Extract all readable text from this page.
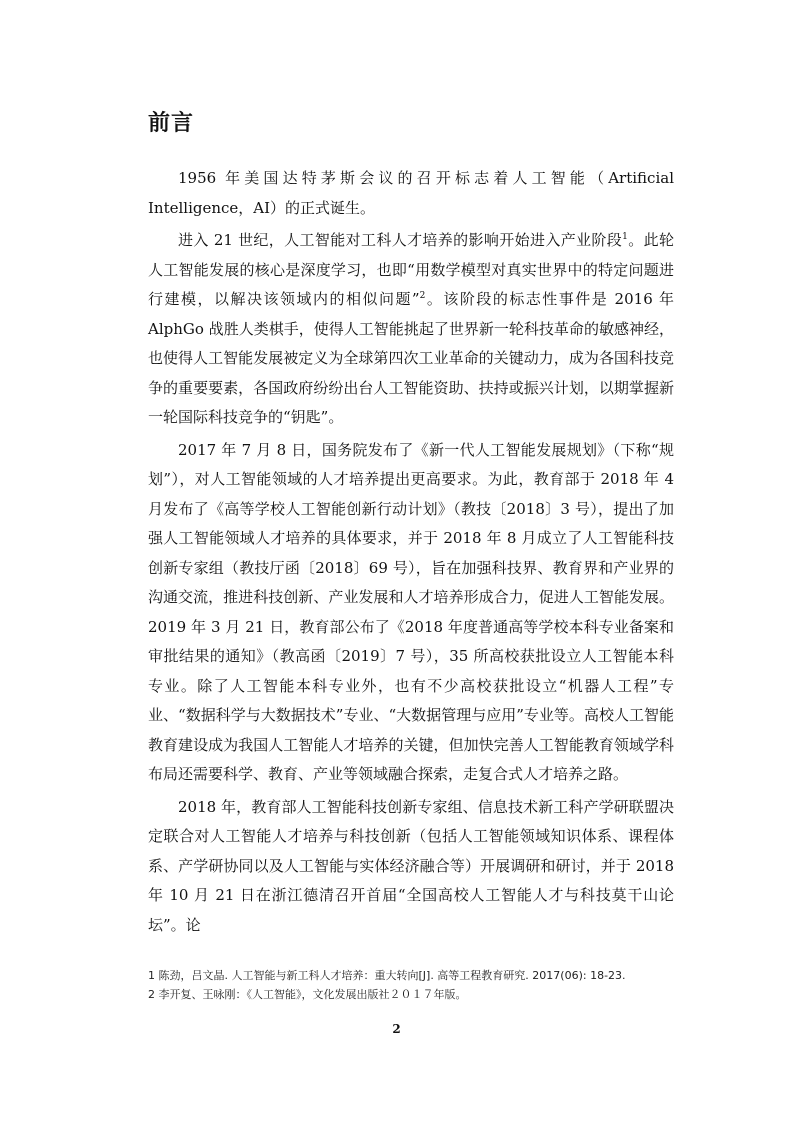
前言

1956 年美国达特茅斯会议的召开标志着人工智能（Artificial Intelligence，AI）的正式诞生。

进入 21 世纪，人工智能对工科人才培养的影响开始进入产业阶段$^1$。此轮人工智能发展的核心是深度学习，也即“用数学模型对真实世界中的特定问题进行建模，以解决该领域内的相似问题”$^2$。该阶段的标志性事件是 2016 年 AlphGo 战胜人类棋手，使得人工智能挑起了世界新一轮科技革命的敏感神经，也使得人工智能发展被定义为全球第四次工业革命的关键动力，成为各国科技竞争的重要要素，各国政府纷纷出台人工智能资助、扶持或振兴计划，以期掌握新一轮国际科技竞争的“钥匙”。

2017 年 7 月 8 日，国务院发布了《新一代人工智能发展规划》（下称“规划”），对人工智能领域的人才培养提出更高要求。为此，教育部于 2018 年 4 月发布了《高等学校人工智能创新行动计划》（教技〔2018〕3 号），提出了加强人工智能领域人才培养的具体要求，并于 2018 年 8 月成立了人工智能科技创新专家组（教技厅函〔2018〕69 号），旨在加强科技界、教育界和产业界的沟通交流，推进科技创新、产业发展和人才培养形成合力，促进人工智能发展。2019 年 3 月 21 日，教育部公布了《2018 年度普通高等学校本科专业备案和审批结果的通知》（教高函〔2019〕7 号），35 所高校获批设立人工智能本科专业。除了人工智能本科专业外，也有不少高校获批设立“机器人工程”专业、“数据科学与大数据技术”专业、“大数据管理与应用”专业等。高校人工智能教育建设成为我国人工智能人才培养的关键，但加快完善人工智能教育领域学科布局还需要科学、教育、产业等领域融合探索，走复合式人才培养之路。

2018 年，教育部人工智能科技创新专家组、信息技术新工科产学研联盟决定联合对人工智能人才培养与科技创新（包括人工智能领域知识体系、课程体系、产学研协同以及人工智能与实体经济融合等）开展调研和研讨，并于 2018 年 10 月 21 日在浙江德清召开首届“全国高校人工智能人才与科技莫干山论坛”。论

1 陈劲，吕文晶. 人工智能与新工科人才培养：重大转向[J]. 高等工程教育研究. 2017(06): 18-23.
2 李开复、王咏刚：《人工智能》，文化发展出版社２０１７年版。
2
